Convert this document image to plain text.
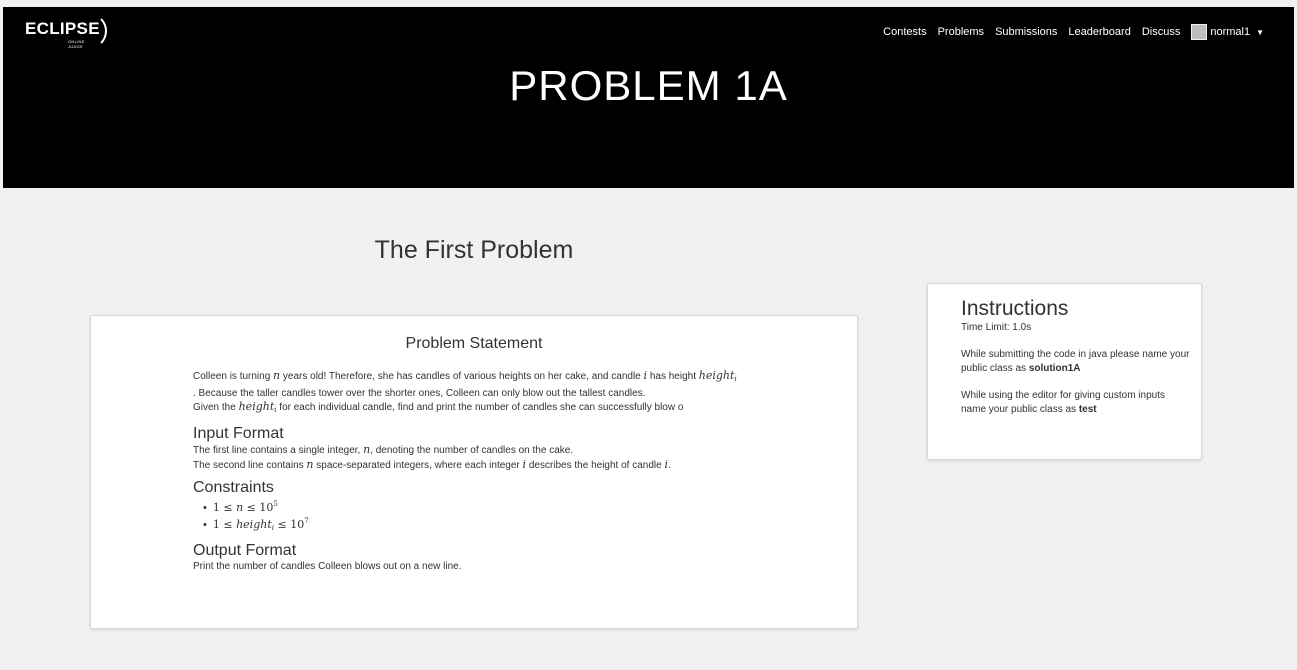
ECLIPSE
ONLINE JUDGE
Contests Problems Submissions Leaderboard Discuss	normal1 ▼
PROBLEM 1A
The First Problem
Problem Statement
Colleen is turning n years old! Therefore, she has candles of various heights on her cake, and candle i has height height$_i$
. Because the taller candles tower over the shorter ones, Colleen can only blow out the tallest candles.
Given the height$_i$ for each individual candle, find and print the number of candles she can successfully blow o
Input Format
The first line contains a single integer, n, denoting the number of candles on the cake.
The second line contains n space-separated integers, where each integer i describes the height of candle i.
Constraints
• $1 \le n \le 10^5$
• 1 ≤ height$_i$ ≤ $10^7$
Output Format
Print the number of candles Colleen blows out on a new line.
Instructions

Time Limit: 1.0s

While submitting the code in java please name your public class as solution1A

While using the editor for giving custom inputs name your public class as test
